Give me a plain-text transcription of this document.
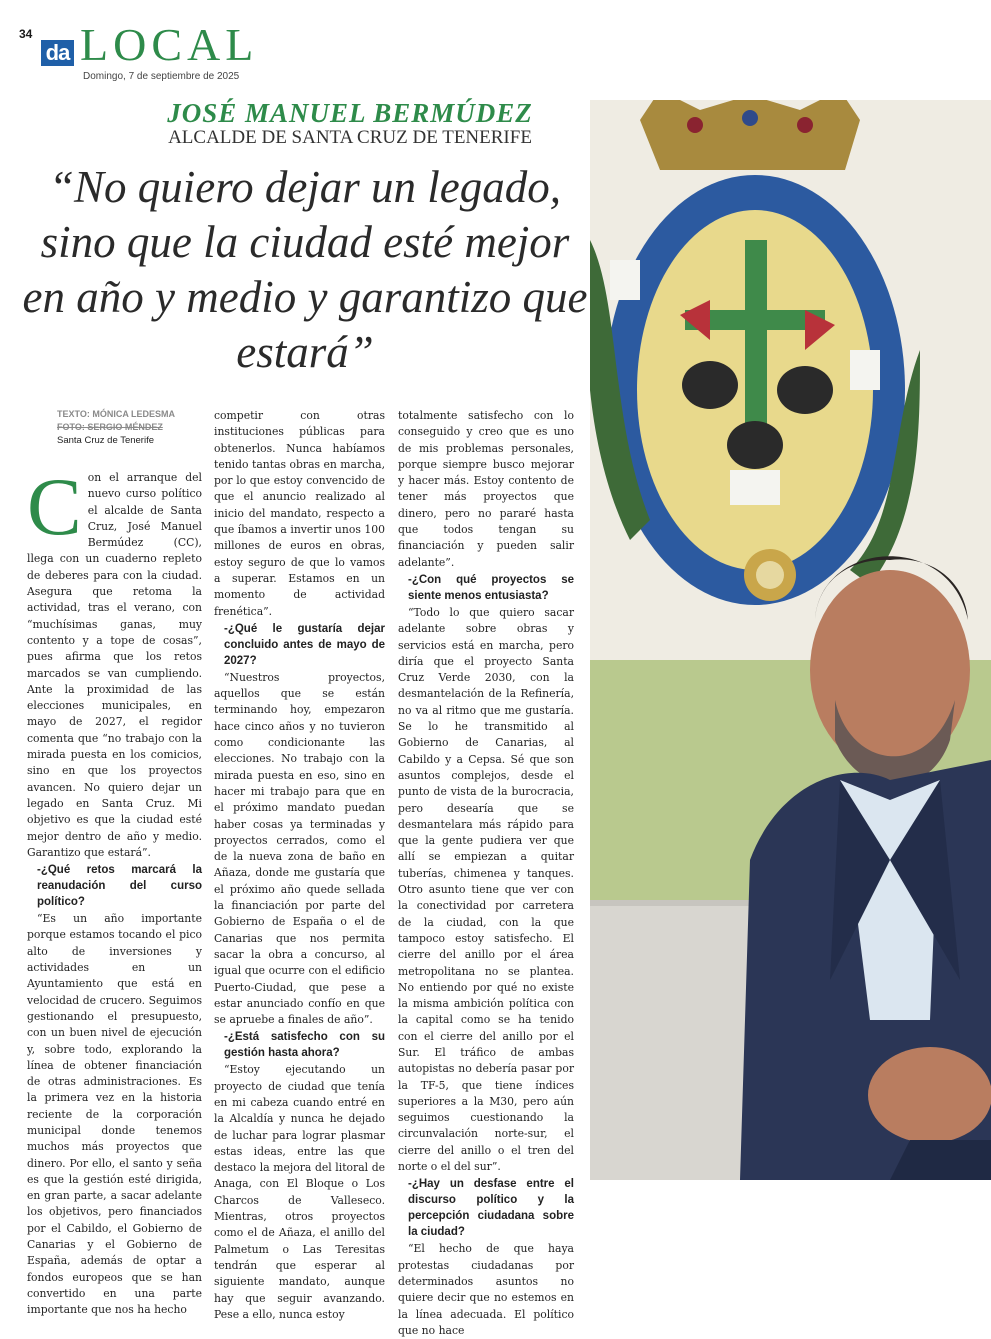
34
da LOCAL
Domingo, 7 de septiembre de 2025
JOSÉ MANUEL BERMÚDEZ
ALCALDE DE SANTA CRUZ DE TENERIFE
“No quiero dejar un legado, sino que la ciudad esté mejor en año y medio y garantizo que estará”
TEXTO: MÓNICA LEDESMA
FOTO: SERGIO MÉNDEZ
Santa Cruz de Tenerife
C on el arranque del nuevo curso político el alcalde de Santa Cruz, José Manuel Bermúdez (CC), llega con un cuaderno repleto de deberes para con la ciudad. Asegura que retoma la actividad, tras el verano, con “muchísimas ganas, muy contento y a tope de cosas”, pues afirma que los retos marcados se van cumpliendo. Ante la proximidad de las elecciones municipales, en mayo de 2027, el regidor comenta que “no trabajo con la mirada puesta en los comicios, sino en que los proyectos avancen. No quiero dejar un legado en Santa Cruz. Mi objetivo es que la ciudad esté mejor dentro de año y medio. Garantizo que estará”.

-¿Qué retos marcará la reanudación del curso político?

“Es un año importante porque estamos tocando el pico alto de inversiones y actividades en un Ayuntamiento que está en velocidad de crucero. Seguimos gestionando el presupuesto, con un buen nivel de ejecución y, sobre todo, explorando la línea de obtener financiación de otras administraciones. Es la primera vez en la historia reciente de la corporación municipal donde tenemos muchos más proyectos que dinero. Por ello, el santo y seña es que la gestión esté dirigida, en gran parte, a sacar adelante los objetivos, pero financiados por el Cabildo, el Gobierno de Canarias y el Gobierno de España, además de optar a fondos europeos que se han convertido en una parte importante que nos ha hecho

competir con otras instituciones públicas para obtenerlos. Nunca habíamos tenido tantas obras en marcha, por lo que estoy convencido de que el anuncio realizado al inicio del mandato, respecto a que íbamos a invertir unos 100 millones de euros en obras, estoy seguro de que lo vamos a superar. Estamos en un momento de actividad frenética”.

-¿Qué le gustaría dejar concluido antes de mayo de 2027?

“Nuestros proyectos, aquellos que se están terminando hoy, empezaron hace cinco años y no tuvieron como condicionante las elecciones. No trabajo con la mirada puesta en eso, sino en hacer mi trabajo para que en el próximo mandato puedan haber cosas ya terminadas y proyectos cerrados, como el de la nueva zona de baño en Añaza, donde me gustaría que el próximo año quede sellada la financiación por parte del Gobierno de España o el de Canarias que nos permita sacar la obra a concurso, al igual que ocurre con el edificio Puerto-Ciudad, que pese a estar anunciado confío en que se apruebe a finales de año”.

-¿Está satisfecho con su gestión hasta ahora?

“Estoy ejecutando un proyecto de ciudad que tenía en mi cabeza cuando entré en la Alcaldía y nunca he dejado de luchar para lograr plasmar estas ideas, entre las que destaco la mejora del litoral de Anaga, con El Bloque o Los Charcos de Valleseco. Mientras, otros proyectos como el de Añaza, el anillo del Palmetum o Las Teresitas tendrán que esperar al siguiente mandato, aunque hay que seguir avanzando. Pese a ello, nunca estoy

totalmente satisfecho con lo conseguido y creo que es uno de mis problemas personales, porque siempre busco mejorar y hacer más. Estoy contento de tener más proyectos que dinero, pero no pararé hasta que todos tengan su financiación y pueden salir adelante”.

-¿Con qué proyectos se siente menos entusiasta?

“Todo lo que quiero sacar adelante sobre obras y servicios está en marcha, pero diría que el proyecto Santa Cruz Verde 2030, con la desmantelación de la Refinería, no va al ritmo que me gustaría. Se lo he transmitido al Gobierno de Canarias, al Cabildo y a Cepsa. Sé que son asuntos complejos, desde el punto de vista de la burocracia, pero desearía que se desmantelara más rápido para que la gente pudiera ver que allí se empiezan a quitar tuberías, chimenea y tanques. Otro asunto tiene que ver con la conectividad por carretera de la ciudad, con la que tampoco estoy satisfecho. El cierre del anillo por el área metropolitana no se plantea. No entiendo por qué no existe la misma ambición política con la capital como se ha tenido con el cierre del anillo por el Sur. El tráfico de ambas autopistas no debería pasar por la TF-5, que tiene índices superiores a la M30, pero aún seguimos cuestionando la circunvalación norte-sur, el cierre del anillo o el tren del norte o el del sur”.

-¿Hay un desfase entre el discurso político y la percepción ciudadana sobre la ciudad?

“El hecho de que haya protestas ciudadanas por determinados asuntos no quiere decir que no estemos en la línea adecuada. El político que no hace
